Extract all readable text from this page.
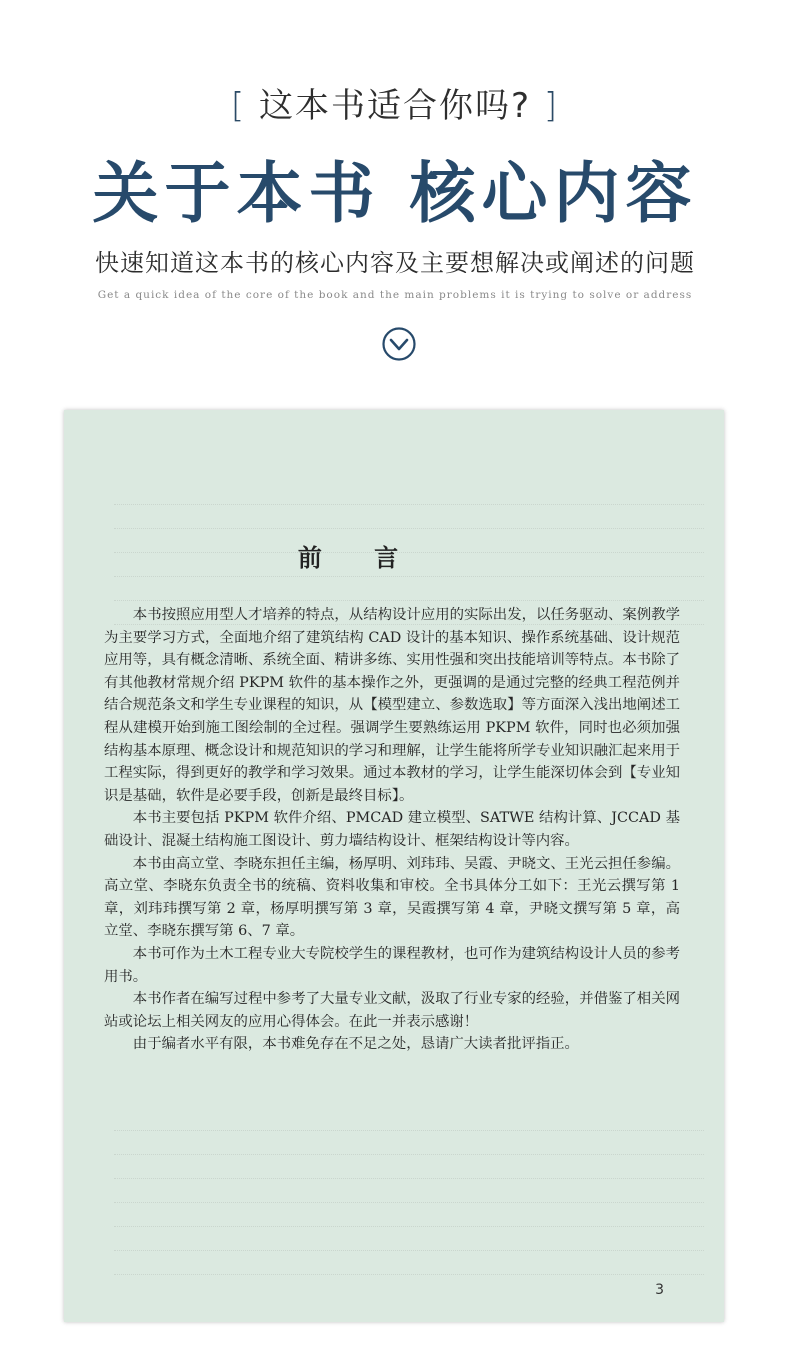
[ 这本书适合你吗? ]
关于本书 核心内容
快速知道这本书的核心内容及主要想解决或阐述的问题
Get a quick idea of the core of the book and the main problems it is trying to solve or address
前 言

本书按照应用型人才培养的特点，从结构设计应用的实际出发，以任务驱动、案例教学为主要学习方式，全面地介绍了建筑结构 CAD 设计的基本知识、操作系统基础、设计规范应用等，具有概念清晰、系统全面、精讲多练、实用性强和突出技能培训等特点。本书除了有其他教材常规介绍 PKPM 软件的基本操作之外，更强调的是通过完整的经典工程范例并结合规范条文和学生专业课程的知识，从【模型建立、参数选取】等方面深入浅出地阐述工程从建模开始到施工图绘制的全过程。强调学生要熟练运用 PKPM 软件，同时也必须加强结构基本原理、概念设计和规范知识的学习和理解，让学生能将所学专业知识融汇起来用于工程实际，得到更好的教学和学习效果。通过本教材的学习，让学生能深切体会到【专业知识是基础，软件是必要手段，创新是最终目标】。

本书主要包括 PKPM 软件介绍、PMCAD 建立模型、SATWE 结构计算、JCCAD 基础设计、混凝土结构施工图设计、剪力墙结构设计、框架结构设计等内容。

本书由高立堂、李晓东担任主编，杨厚明、刘玮玮、吴霞、尹晓文、王光云担任参编。高立堂、李晓东负责全书的统稿、资料收集和审校。全书具体分工如下：王光云撰写第 1 章，刘玮玮撰写第 2 章，杨厚明撰写第 3 章，吴霞撰写第 4 章，尹晓文撰写第 5 章，高立堂、李晓东撰写第 6、7 章。

本书可作为土木工程专业大专院校学生的课程教材，也可作为建筑结构设计人员的参考用书。

本书作者在编写过程中参考了大量专业文献，汲取了行业专家的经验，并借鉴了相关网站或论坛上相关网友的应用心得体会。在此一并表示感谢！

由于编者水平有限，本书难免存在不足之处，恳请广大读者批评指正。

3
